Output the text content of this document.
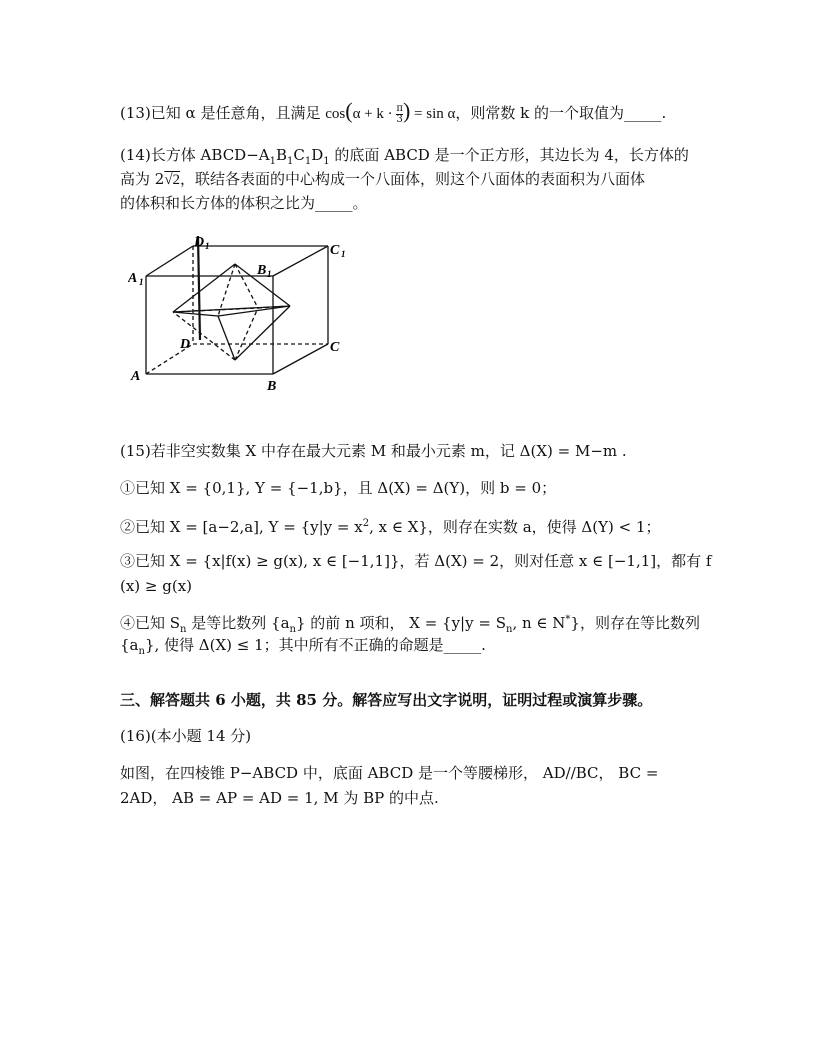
(13)已知 α 是任意角，且满足 $\cos(\alpha + k \cdot \frac{\pi}{3}$ ) = sin α，则常数 k 的一个取值为_____.
(14)长方体 $ABCD-A_1B_1C_1D_1$ 的底面 ABCD 是一个正方形，其边长为 4，长方体的
高为 2√2，联结各表面的中心构成一个八面体，则这个八面体的表面积为八面体
的体积和长方体的体积之比为_____。
D 1	C 1
A 1
B 1
D	C
A
B
(15)若非空实数集 X 中存在最大元素 M 和最小元素 m，记 Δ(X) = M−m .
①已知 X = {0,1}, Y = {−1,b}，且 Δ(X) = Δ(Y)，则 b = 0；
②已知 X = [a−2,a], $Y = \{y|y = x^2$, x ∈ X}，则存在实数 a，使得 Δ(Y) < 1；
③已知 X = {x|f(x) ≥ g(x), x ∈ [−1,1]}，若 Δ(X) = 2，则对任意 x ∈ [−1,1]，都有 f
(x) ≥ g(x)
④已知 $S_n$ 是等比数列 $\{a_n\}$ 的前 n 项和， $X = \{y|y = S_n$, n ∈ N*}，则存在等比数列
$\{a_n\}$, 使得 Δ(X) ≤ 1；其中所有不正确的命题是_____.
三、解答题共 6 小题，共 85 分。解答应写出文字说明，证明过程或演算步骤。
(16)(本小题 14 分)
如图，在四棱锥 P−ABCD 中，底面 ABCD 是一个等腰梯形， AD//BC， BC =
2AD， AB = AP = AD = 1, M 为 BP 的中点.
